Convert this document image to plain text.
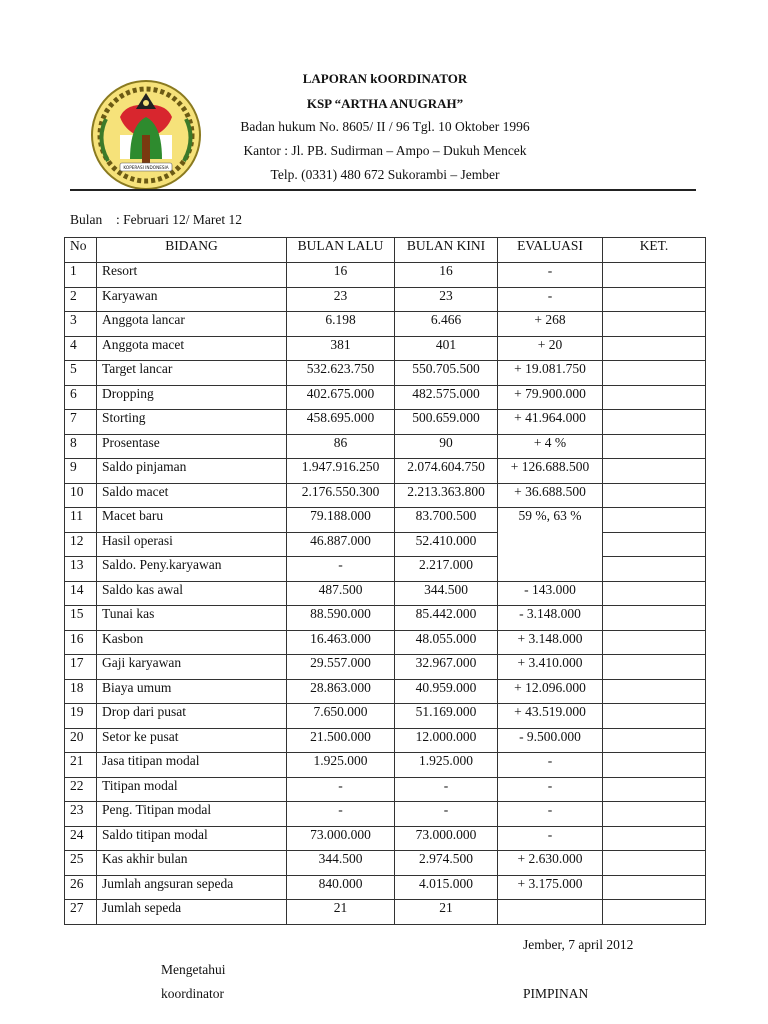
KOPERASI INDONESIA
LAPORAN kOORDINATOR
KSP “ARTHA ANUGRAH”
Badan hukum No. 8605/ II / 96 Tgl. 10 Oktober 1996
Kantor : Jl. PB. Sudirman – Ampo – Dukuh Mencek
Telp. (0331) 480 672 Sukorambi – Jember
Bulan : Februari 12/ Maret 12
No	BIDANG	BULAN LALU	BULAN KINI	EVALUASI	KET.
1	Resort	16	16	-	
2	Karyawan	23	23	-	
3	Anggota lancar	6.198	6.466	+ 268	
4	Anggota macet	381	401	+ 20	
5	Target lancar	532.623.750	550.705.500	+ 19.081.750	
6	Dropping	402.675.000	482.575.000	+ 79.900.000	
7	Storting	458.695.000	500.659.000	+ 41.964.000	
8	Prosentase	86	90	+ 4 %	
9	Saldo pinjaman	1.947.916.250	2.074.604.750	+ 126.688.500	
10	Saldo macet	2.176.550.300	2.213.363.800	+ 36.688.500	
11	Macet baru	79.188.000	83.700.500	59 %, 63 %	
12	Hasil operasi	46.887.000	52.410.000		
13	Saldo. Peny.karyawan	-	2.217.000		
14	Saldo kas awal	487.500	344.500	- 143.000	
15	Tunai kas	88.590.000	85.442.000	- 3.148.000	
16	Kasbon	16.463.000	48.055.000	+ 3.148.000	
17	Gaji karyawan	29.557.000	32.967.000	+ 3.410.000	
18	Biaya umum	28.863.000	40.959.000	+ 12.096.000	
19	Drop dari pusat	7.650.000	51.169.000	+ 43.519.000	
20	Setor ke pusat	21.500.000	12.000.000	- 9.500.000	
21	Jasa titipan modal	1.925.000	1.925.000	-	
22	Titipan modal	-	-	-	
23	Peng. Titipan modal	-	-	-	
24	Saldo titipan modal	73.000.000	73.000.000	-	
25	Kas akhir bulan	344.500	2.974.500	+ 2.630.000	
26	Jumlah angsuran sepeda	840.000	4.015.000	+ 3.175.000	
27	Jumlah sepeda	21	21		
Jember, 7 april 2012
Mengetahui
koordinator	PIMPINAN
